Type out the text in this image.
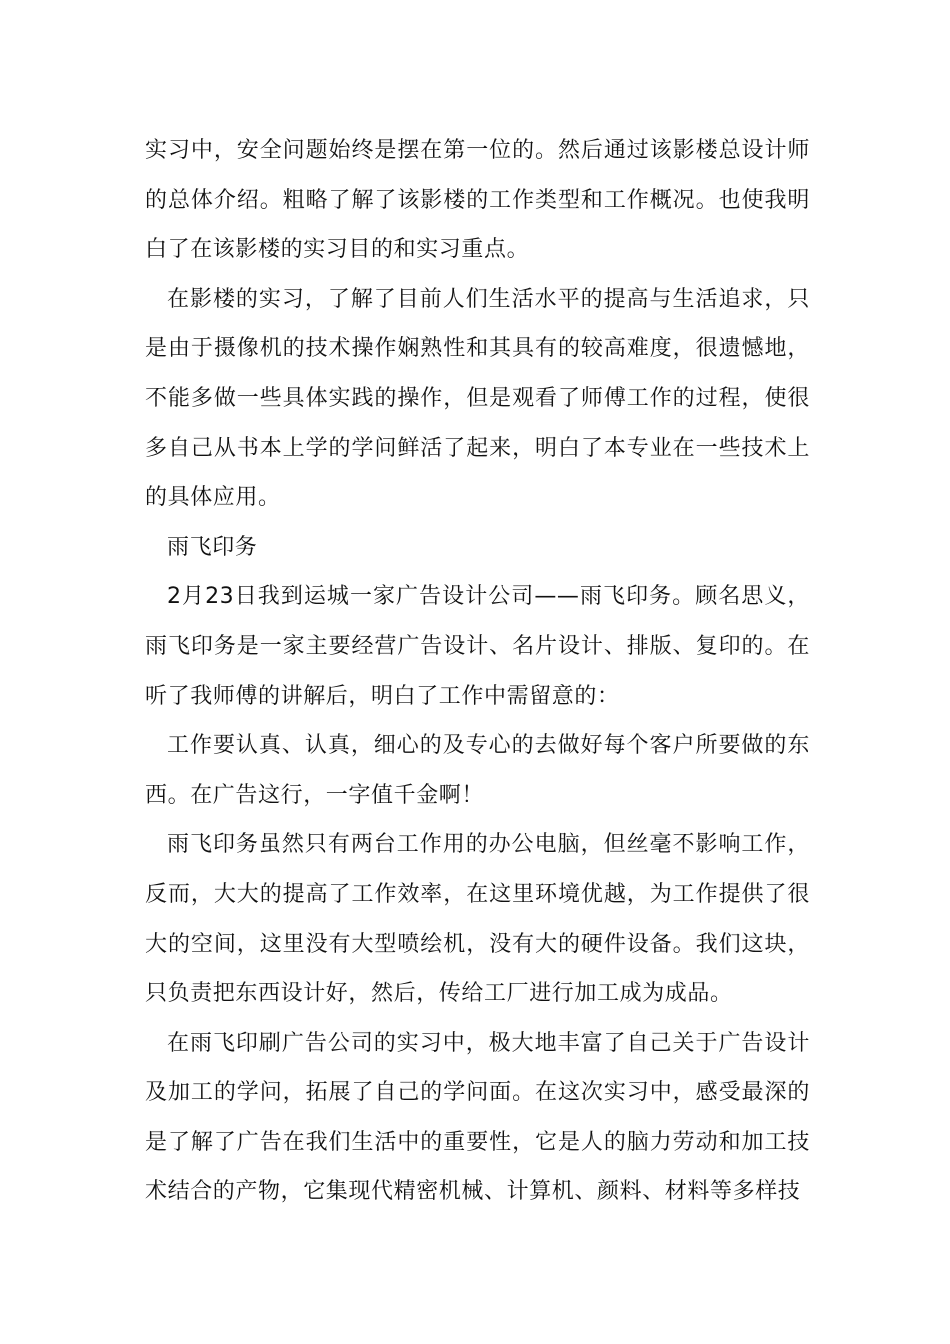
实习中，安全问题始终是摆在第一位的。然后通过该影楼总设计师的总体介绍。粗略了解了该影楼的工作类型和工作概况。也使我明白了在该影楼的实习目的和实习重点。

在影楼的实习，了解了目前人们生活水平的提高与生活追求，只是由于摄像机的技术操作娴熟性和其具有的较高难度，很遗憾地，不能多做一些具体实践的操作，但是观看了师傅工作的过程，使很多自己从书本上学的学问鲜活了起来，明白了本专业在一些技术上的具体应用。

雨飞印务

2月23日我到运城一家广告设计公司——雨飞印务。顾名思义，雨飞印务是一家主要经营广告设计、名片设计、排版、复印的。在听了我师傅的讲解后，明白了工作中需留意的：

工作要认真、认真，细心的及专心的去做好每个客户所要做的东西。在广告这行，一字值千金啊！

雨飞印务虽然只有两台工作用的办公电脑，但丝毫不影响工作，反而，大大的提高了工作效率，在这里环境优越，为工作提供了很大的空间，这里没有大型喷绘机，没有大的硬件设备。我们这块，只负责把东西设计好，然后，传给工厂进行加工成为成品。

在雨飞印刷广告公司的实习中，极大地丰富了自己关于广告设计及加工的学问，拓展了自己的学问面。在这次实习中，感受最深的是了解了广告在我们生活中的重要性，它是人的脑力劳动和加工技术结合的产物，它集现代精密机械、计算机、颜料、材料等多样技
